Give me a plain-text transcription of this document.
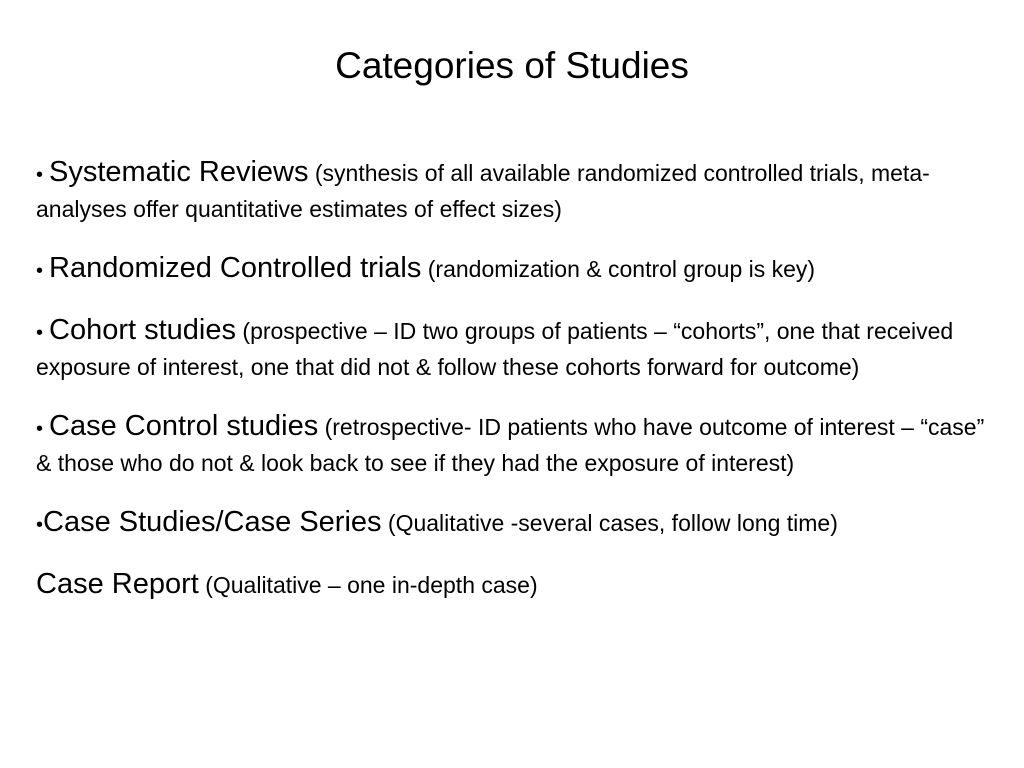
Categories of Studies
• Systematic Reviews (synthesis of all available randomized controlled trials, meta-analyses offer quantitative estimates of effect sizes)
• Randomized Controlled trials (randomization & control group is key)
• Cohort studies (prospective – ID two groups of patients – “cohorts”, one that received exposure of interest, one that did not & follow these cohorts forward for outcome)
• Case Control studies (retrospective- ID patients who have outcome of interest – “case” & those who do not & look back to see if they had the exposure of interest)
•Case Studies/Case Series (Qualitative -several cases, follow long time)
Case Report (Qualitative – one in-depth case)
